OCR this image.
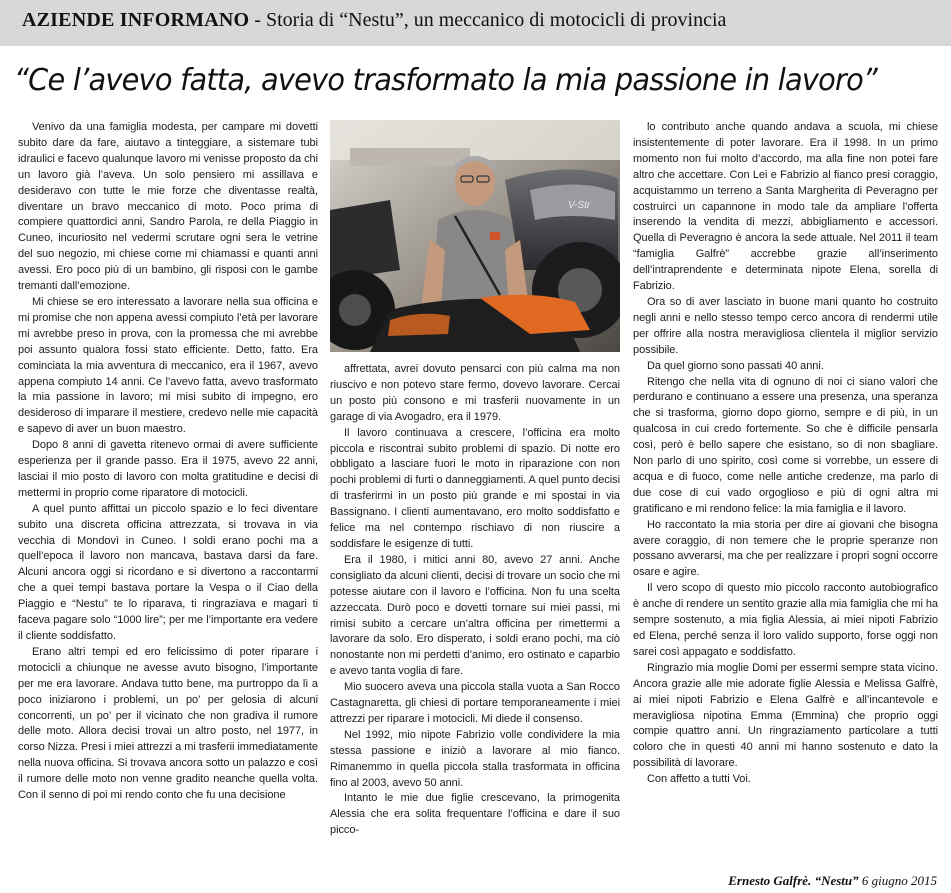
AZIENDE INFORMANO - Storia di “Nestu”, un meccanico di motocicli di provincia
“Ce l’avevo fatta, avevo trasformato la mia passione in lavoro”

Venivo da una famiglia modesta, per campare mi dovetti subito dare da fare, aiutavo a tinteggiare, a sistemare tubi idraulici e facevo qualunque lavoro mi venisse proposto da chi un lavoro già l’aveva. Un solo pensiero mi assillava e desideravo con tutte le mie forze che diventasse realtà, diventare un bravo meccanico di moto. Poco prima di compiere quattordici anni, Sandro Parola, re della Piaggio in Cuneo, incuriosito nel vedermi scrutare ogni sera le vetrine del suo negozio, mi chiese come mi chiamassi e quanti anni avessi. Ero poco più di un bambino, gli risposi con le gambe tremanti dall’emozione.

Mi chiese se ero interessato a lavorare nella sua officina e mi promise che non appena avessi compiuto l’età per lavorare mi avrebbe preso in prova, con la promessa che mi avrebbe poi assunto qualora fossi stato efficiente. Detto, fatto. Era cominciata la mia avventura di meccanico, era il 1967, avevo appena compiuto 14 anni. Ce l’avevo fatta, avevo trasformato la mia passione in lavoro; mi misi subito di impegno, ero desideroso di imparare il mestiere, credevo nelle mie capacità e sapevo di aver un buon maestro.

Dopo 8 anni di gavetta ritenevo ormai di avere sufficiente esperienza per il grande passo. Era il 1975, avevo 22 anni, lasciai il mio posto di lavoro con molta gratitudine e decisi di mettermi in proprio come riparatore di motocicli.

A quel punto affittai un piccolo spazio e lo feci diventare subito una discreta officina attrezzata, si trovava in via vecchia di Mondovì in Cuneo. I soldi erano pochi ma a quell’epoca il lavoro non mancava, bastava darsi da fare. Alcuni ancora oggi si ricordano e si divertono a raccontarmi che a quei tempi bastava portare la Vespa o il Ciao della Piaggio e “Nestu” te lo riparava, ti ringraziava e magari ti faceva pagare solo “1000 lire”; per me l’importante era vedere il cliente soddisfatto.

Erano altri tempi ed ero felicissimo di poter riparare i motocicli a chiunque ne avesse avuto bisogno, l’importante per me era lavorare. Andava tutto bene, ma purtroppo da lì a poco iniziarono i problemi, un po’ per gelosia di alcuni concorrenti, un po’ per il vicinato che non gradiva il rumore delle moto. Allora decisi trovai un altro posto, nel 1977, in corso Nizza. Presi i miei attrezzi a mi trasferii immediatamente nella nuova officina. Si trovava ancora sotto un palazzo e così il rumore delle moto non venne gradito neanche quella volta. Con il senno di poi mi rendo conto che fu una decisione

V-Str

affrettata, avrei dovuto pensarci con più calma ma non riuscivo e non potevo stare fermo, dovevo lavorare. Cercai un posto più consono e mi trasferii nuovamente in un garage di via Avogadro, era il 1979.

Il lavoro continuava a crescere, l’officina era molto piccola e riscontrai subito problemi di spazio. Di notte ero obbligato a lasciare fuori le moto in riparazione con non pochi problemi di furti o danneggiamenti. A quel punto decisi di trasferirmi in un posto più grande e mi spostai in via Bassignano. I clienti aumentavano, ero molto soddisfatto e felice ma nel contempo rischiavo di non riuscire a soddisfare le esigenze di tutti.

Era il 1980, i mitici anni 80, avevo 27 anni. Anche consigliato da alcuni clienti, decisi di trovare un socio che mi potesse aiutare con il lavoro e l’officina. Non fu una scelta azzeccata. Durò poco e dovetti tornare sui miei passi, mi rimisi subito a cercare un’altra officina per rimettermi a lavorare da solo. Ero disperato, i soldi erano pochi, ma ciò nonostante non mi perdetti d’animo, ero ostinato e caparbio e avevo tanta voglia di fare.

Mio suocero aveva una piccola stalla vuota a San Rocco Castagnaretta, gli chiesi di portare temporaneamente i miei attrezzi per riparare i motocicli. Mi diede il consenso.

Nel 1992, mio nipote Fabrizio volle condividere la mia stessa passione e iniziò a lavorare al mio fianco. Rimanemmo in quella piccola stalla trasformata in officina fino al 2003, avevo 50 anni.

Intanto le mie due figlie crescevano, la primogenita Alessia che era solita frequentare l’officina e dare il suo picco-

lo contributo anche quando andava a scuola, mi chiese insistentemente di poter lavorare. Era il 1998. In un primo momento non fui molto d’accordo, ma alla fine non potei fare altro che accettare. Con Lei e Fabrizio al fianco presi coraggio, acquistammo un terreno a Santa Margherita di Peveragno per costruirci un capannone in modo tale da ampliare l’offerta inserendo la vendita di mezzi, abbigliamento e accessori. Quella di Peveragno è ancora la sede attuale. Nel 2011 il team “famiglia Galfrè” accrebbe grazie all’inserimento dell’intraprendente e determinata nipote Elena, sorella di Fabrizio.

Ora so di aver lasciato in buone mani quanto ho costruito negli anni e nello stesso tempo cerco ancora di rendermi utile per offrire alla nostra meravigliosa clientela il miglior servizio possibile.

Da quel giorno sono passati 40 anni.

Ritengo che nella vita di ognuno di noi ci siano valori che perdurano e continuano a essere una presenza, una speranza che si trasforma, giorno dopo giorno, sempre e di più, in un qualcosa in cui credo fortemente. So che è difficile pensarla così, però è bello sapere che esistano, so di non sbagliare. Non parlo di uno spirito, così come si vorrebbe, un essere di acqua e di fuoco, come nelle antiche credenze, ma parlo di due cose di cui vado orgoglioso e più di ogni altra mi gratificano e mi rendono felice: la mia famiglia e il lavoro.

Ho raccontato la mia storia per dire ai giovani che bisogna avere coraggio, di non temere che le proprie speranze non possano avverarsi, ma che per realizzare i propri sogni occorre osare e agire.

Il vero scopo di questo mio piccolo racconto autobiografico è anche di rendere un sentito grazie alla mia famiglia che mi ha sempre sostenuto, a mia figlia Alessia, ai miei nipoti Fabrizio ed Elena, perché senza il loro valido supporto, forse oggi non sarei così appagato e soddisfatto.

Ringrazio mia moglie Domi per essermi sempre stata vicino. Ancora grazie alle mie adorate figlie Alessia e Melissa Galfrè, ai miei nipoti Fabrizio e Elena Galfrè e all’incantevole e meravigliosa nipotina Emma (Emmina) che proprio oggi compie quattro anni. Un ringraziamento particolare a tutti coloro che in questi 40 anni mi hanno sostenuto e dato la possibilità di lavorare.

Con affetto a tutti Voi.

Ernesto Galfrè. “Nestu” 6 giugno 2015
